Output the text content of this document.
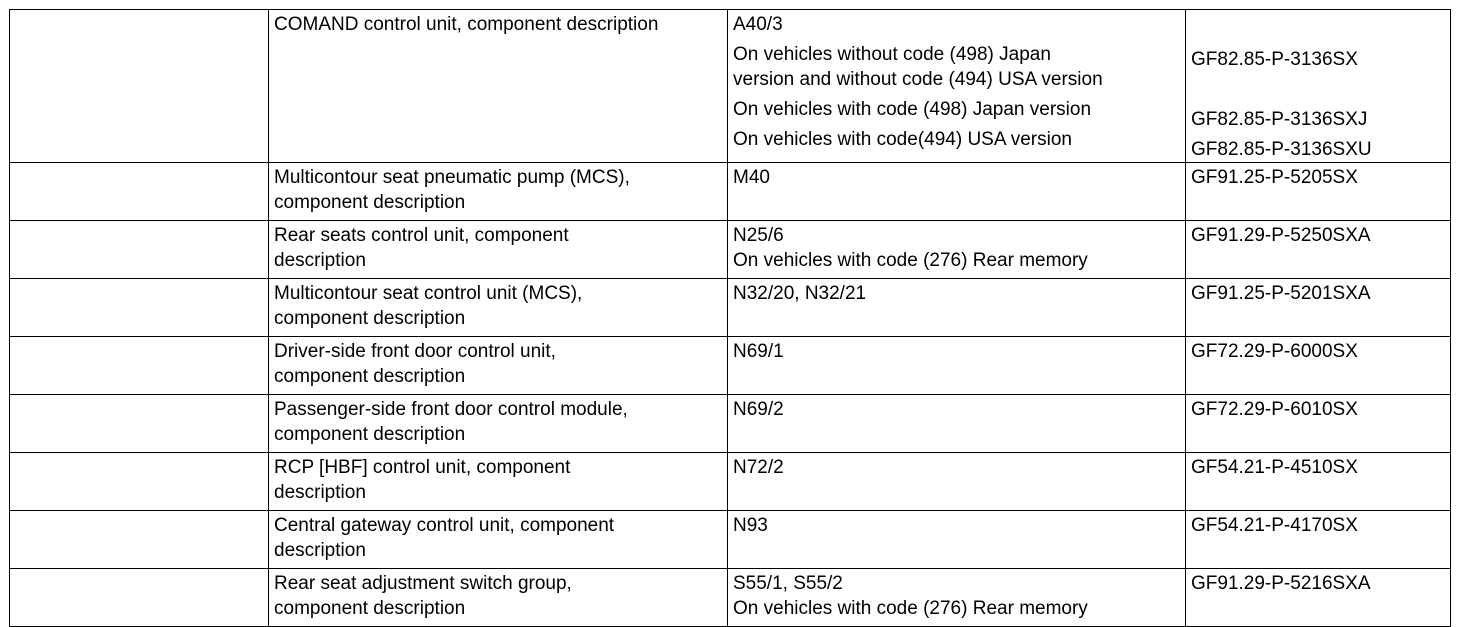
	COMAND control unit, component description	A40/3
On vehicles without code (498) Japan
version and without code (494) USA version
On vehicles with code (498) Japan version
On vehicles with code(494) USA version	GF82.85-P-3136SX
GF82.85-P-3136SXJ
GF82.85-P-3136SXU

	Multicontour seat pneumatic pump (MCS),
component description	M40	GF91.25-P-5205SX

	Rear seats control unit, component
description	N25/6
On vehicles with code (276) Rear memory	GF91.29-P-5250SXA

	Multicontour seat control unit (MCS),
component description	N32/20, N32/21	GF91.25-P-5201SXA

	Driver-side front door control unit,
component description	N69/1	GF72.29-P-6000SX

	Passenger-side front door control module,
component description	N69/2	GF72.29-P-6010SX

	RCP [HBF] control unit, component
description	N72/2	GF54.21-P-4510SX

	Central gateway control unit, component
description	N93	GF54.21-P-4170SX

	Rear seat adjustment switch group,
component description	S55/1, S55/2
On vehicles with code (276) Rear memory	GF91.29-P-5216SXA
